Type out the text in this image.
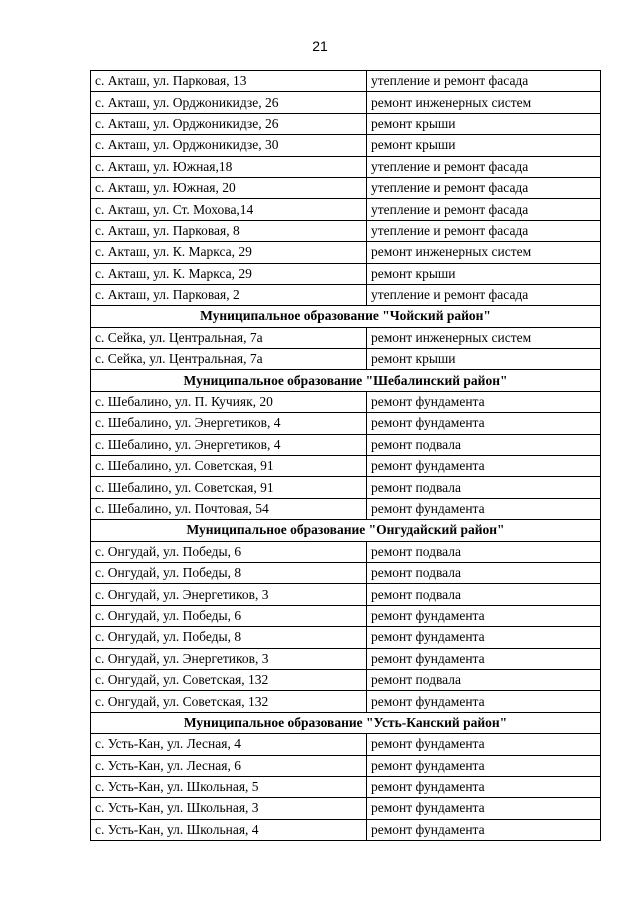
21
с. Акташ, ул. Парковая, 13	утепление и ремонт фасада
с. Акташ, ул. Орджоникидзе, 26	ремонт инженерных систем
с. Акташ, ул. Орджоникидзе, 26	ремонт крыши
с. Акташ, ул. Орджоникидзе, 30	ремонт крыши
с. Акташ, ул. Южная,18	утепление и ремонт фасада
с. Акташ, ул. Южная, 20	утепление и ремонт фасада
с. Акташ, ул. Ст. Мохова,14	утепление и ремонт фасада
с. Акташ, ул. Парковая, 8	утепление и ремонт фасада
с. Акташ, ул. К. Маркса, 29	ремонт инженерных систем
с. Акташ, ул. К. Маркса, 29	ремонт крыши
с. Акташ, ул. Парковая, 2	утепление и ремонт фасада
Муниципальное образование "Чойский район"	
с. Сейка, ул. Центральная, 7а	ремонт инженерных систем
с. Сейка, ул. Центральная, 7а	ремонт крыши
Муниципальное образование "Шебалинский район"	
с. Шебалино, ул. П. Кучияк, 20	ремонт фундамента
с. Шебалино, ул. Энергетиков, 4	ремонт фундамента
с. Шебалино, ул. Энергетиков, 4	ремонт подвала
с. Шебалино, ул. Советская, 91	ремонт фундамента
с. Шебалино, ул. Советская, 91	ремонт подвала
с. Шебалино, ул. Почтовая, 54	ремонт фундамента
Муниципальное образование "Онгудайский район"	
с. Онгудай, ул. Победы, 6	ремонт подвала
с. Онгудай, ул. Победы, 8	ремонт подвала
с. Онгудай, ул. Энергетиков, 3	ремонт подвала
с. Онгудай, ул. Победы, 6	ремонт фундамента
с. Онгудай, ул. Победы, 8	ремонт фундамента
с. Онгудай, ул. Энергетиков, 3	ремонт фундамента
с. Онгудай, ул. Советская, 132	ремонт подвала
с. Онгудай, ул. Советская, 132	ремонт фундамента
Муниципальное образование "Усть-Канский район"	
с. Усть-Кан, ул. Лесная, 4	ремонт фундамента
с. Усть-Кан, ул. Лесная, 6	ремонт фундамента
с. Усть-Кан, ул. Школьная, 5	ремонт фундамента
с. Усть-Кан, ул. Школьная, 3	ремонт фундамента
с. Усть-Кан, ул. Школьная, 4	ремонт фундамента
